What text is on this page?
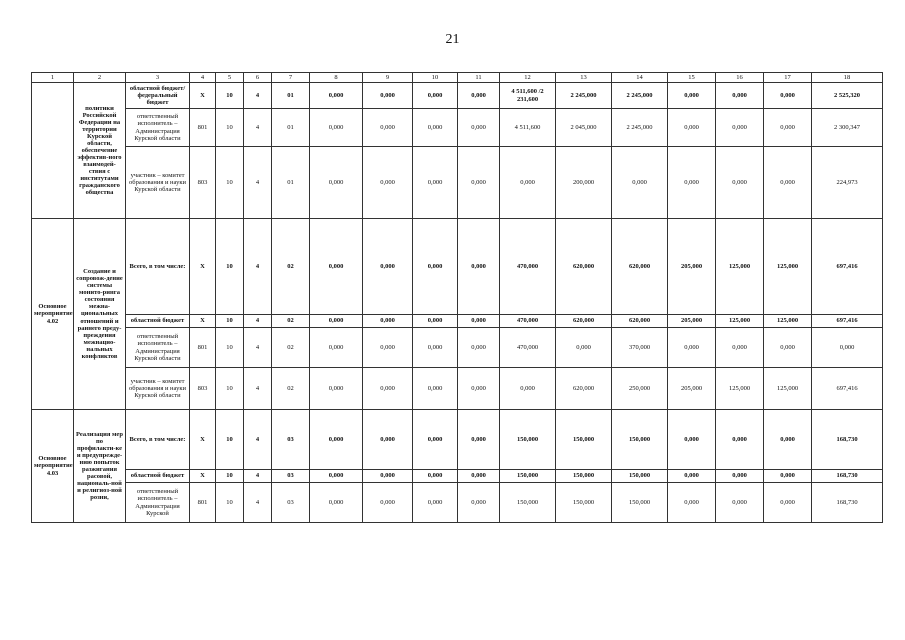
21
1	2	3	4	5	6	7	8	9	10	11	12	13	14	15	16	17	18
	политики Российской Федерации на территории Курской области, обеспечение эффектив-ного взаимодей-ствия с институтами гражданского общества	областной бюджет/ федеральный бюджет	Х	10	4	01	0,000	0,000	0,000	0,000	4 511,600 /2 231,600	2 245,000	2 245,000	0,000	0,000	0,000	2 525,320
		ответственный исполнитель – Администрация Курской области	801	10	4	01	0,000	0,000	0,000	0,000	4 511,600	2 045,000	2 245,000	0,000	0,000	0,000	2 300,347
		участник – комитет образования и науки Курской области	803	10	4	01	0,000	0,000	0,000	0,000	0,000	200,000	0,000	0,000	0,000	0,000	224,973
Основное мероприятие 4.02	Создание и сопровож-дение системы монито-ринга состояния межна-циональных отношений и раннего преду-преждения межнацио-нальных конфликтов	Всего, в том числе:	Х	10	4	02	0,000	0,000	0,000	0,000	470,000	620,000	620,000	205,000	125,000	125,000	697,416
		областной бюджет	Х	10	4	02	0,000	0,000	0,000	0,000	470,000	620,000	620,000	205,000	125,000	125,000	697,416
		ответственный исполнитель – Администрация Курской области	801	10	4	02	0,000	0,000	0,000	0,000	470,000	0,000	370,000	0,000	0,000	0,000	0,000
		участник – комитет образования и науки Курской области	803	10	4	02	0,000	0,000	0,000	0,000	0,000	620,000	250,000	205,000	125,000	125,000	697,416
Основное мероприятие 4.03	Реализация мер по профилакти-ке и предупрежде-нию попыток разжигания расовой, националь-ной и религиоз-ной розни,	Всего, в том числе:	Х	10	4	03	0,000	0,000	0,000	0,000	150,000	150,000	150,000	0,000	0,000	0,000	168,730
		областной бюджет	Х	10	4	03	0,000	0,000	0,000	0,000	150,000	150,000	150,000	0,000	0,000	0,000	168,730
		ответственный исполнитель – Администрация Курской	801	10	4	03	0,000	0,000	0,000	0,000	150,000	150,000	150,000	0,000	0,000	0,000	168,730
